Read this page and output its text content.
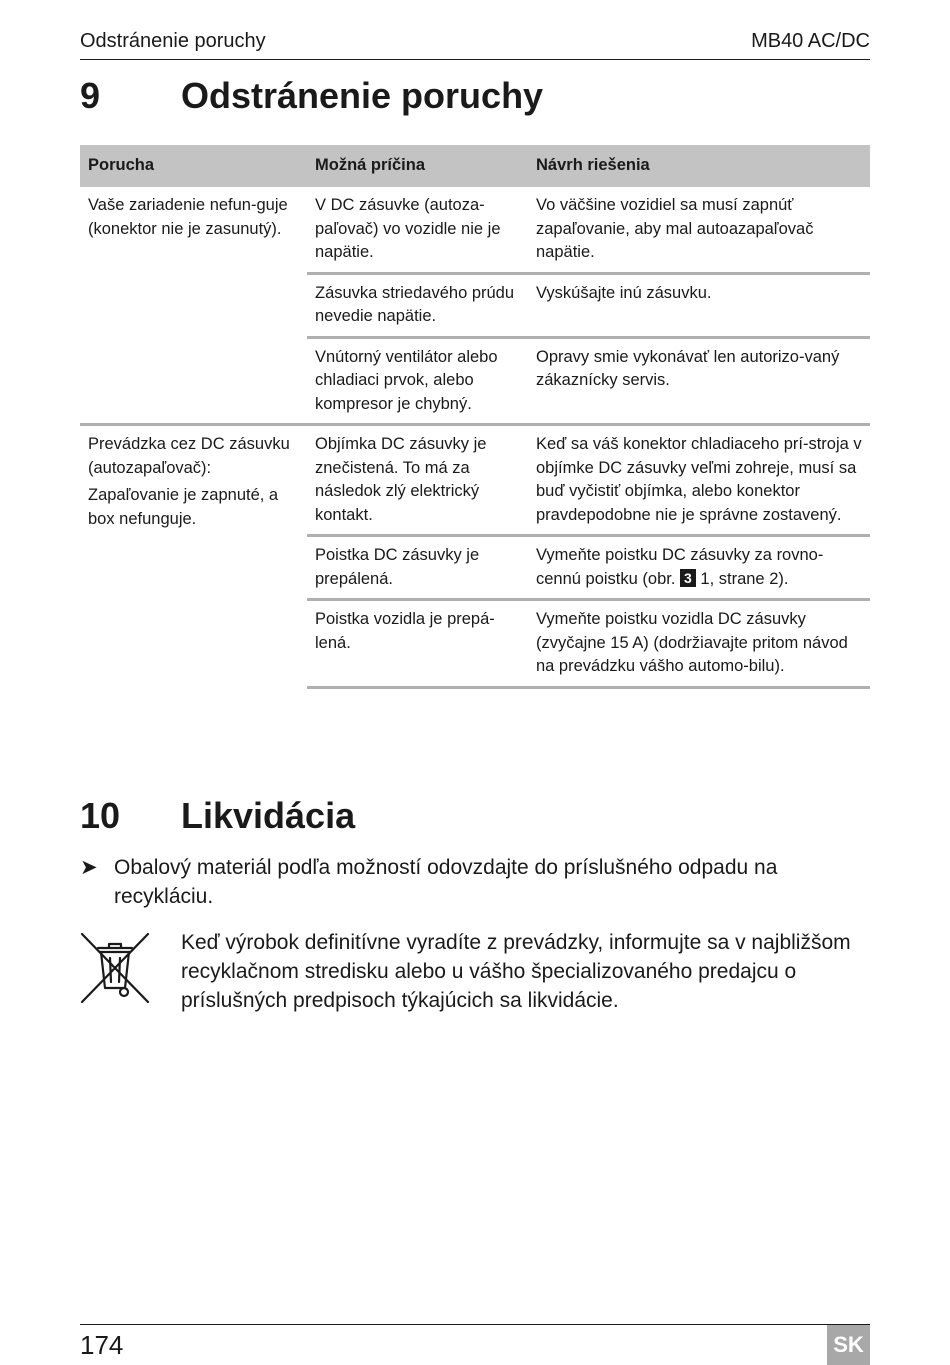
Odstránenie poruchy	MB40 AC/DC
9 Odstránenie poruchy
Porucha	Možná príčina	Návrh riešenia

Vaše zariadenie nefun-guje (konektor nie je zasunutý).	V DC zásuvke (autoza-paľovač) vo vozidle nie je napätie.	Vo väčšine vozidiel sa musí zapnúť zapaľovanie, aby mal autoazapaľovač napätie.
	Zásuvka striedavého prúdu nevedie napätie.	Vyskúšajte inú zásuvku.
	Vnútorný ventilátor alebo chladiaci prvok, alebo kompresor je chybný.	Opravy smie vykonávať len autorizo-vaný zákaznícky servis.

Prevádzka cez DC zásuvku (autozapaľovač):
Zapaľovanie je zapnuté, a box nefunguje.	Objímka DC zásuvky je znečistená. To má za následok zlý elektrický kontakt.	Keď sa váš konektor chladiaceho prí-stroja v objímke DC zásuvky veľmi zohreje, musí sa buď vyčistiť objímka, alebo konektor pravdepodobne nie je správne zostavený.
	Poistka DC zásuvky je prepálená.	Vymeňte poistku DC zásuvky za rovno-cennú poistku (obr. 3 1, strane 2).
	Poistka vozidla je prepá-lená.	Vymeňte poistku vozidla DC zásuvky (zvyčajne 15 A) (dodržiavajte pritom návod na prevádzku vášho automo-bilu).
10 Likvidácia
➤ Obalový materiál podľa možností odovzdajte do príslušného odpadu na recykláciu.
Keď výrobok definitívne vyradíte z prevádzky, informujte sa v najbližšom recyklačnom stredisku alebo u vášho špecializovaného predajcu o príslušných predpisoch týkajúcich sa likvidácie.
174	SK
